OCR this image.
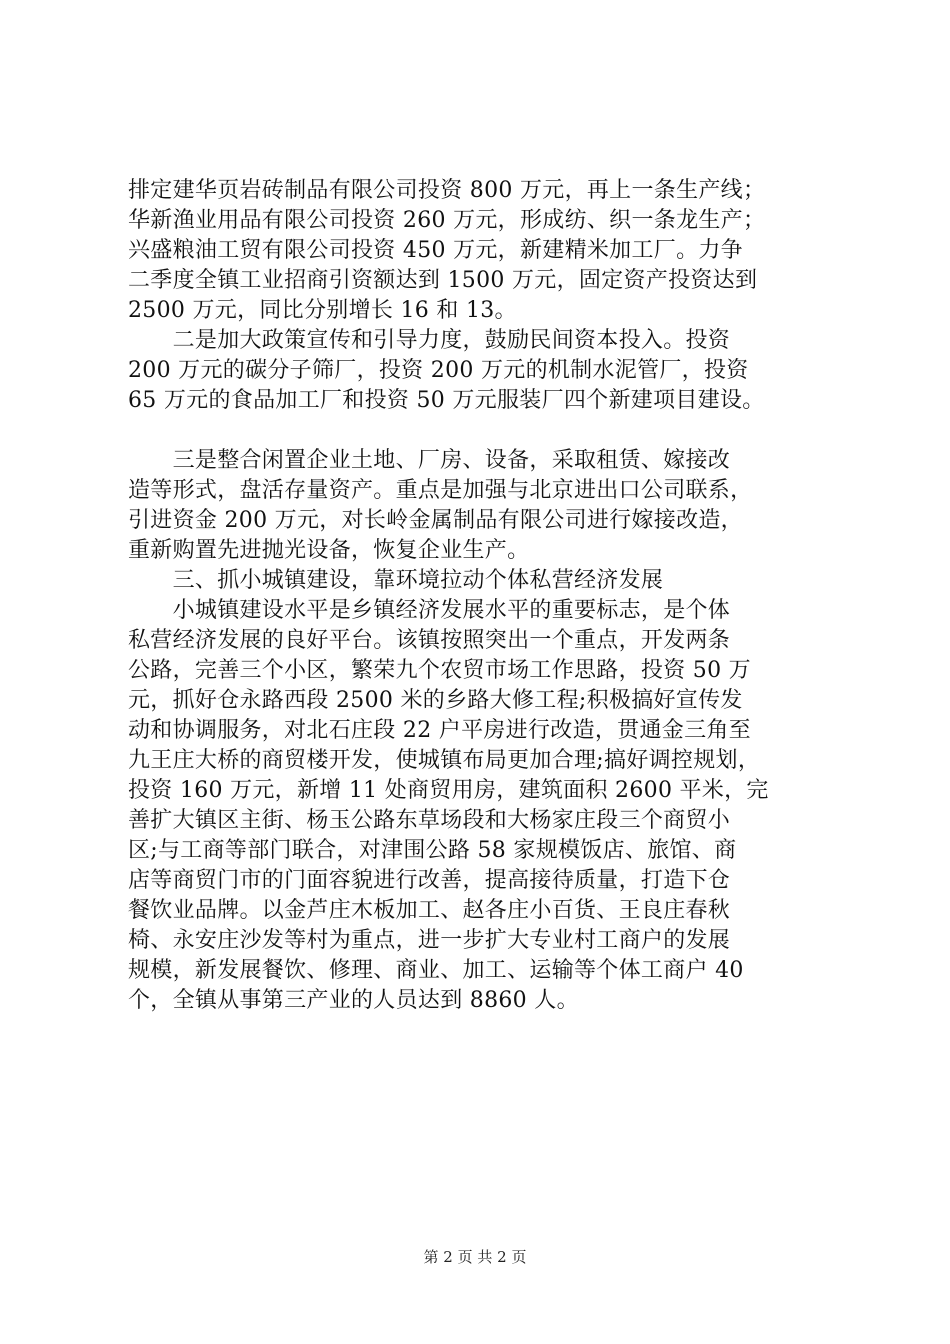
排定建华页岩砖制品有限公司投资 800 万元，再上一条生产线；
华新渔业用品有限公司投资 260 万元，形成纺、织一条龙生产；
兴盛粮油工贸有限公司投资 450 万元，新建精米加工厂。力争
二季度全镇工业招商引资额达到 1500 万元，固定资产投资达到
2500 万元，同比分别增长 16 和 13。
　　二是加大政策宣传和引导力度，鼓励民间资本投入。投资
200 万元的碳分子筛厂，投资 200 万元的机制水泥管厂，投资
65 万元的食品加工厂和投资 50 万元服装厂四个新建项目建设。
　　三是整合闲置企业土地、厂房、设备，采取租赁、嫁接改
造等形式，盘活存量资产。重点是加强与北京进出口公司联系，
引进资金 200 万元，对长岭金属制品有限公司进行嫁接改造，
重新购置先进抛光设备，恢复企业生产。
　　三、抓小城镇建设，靠环境拉动个体私营经济发展
　　小城镇建设水平是乡镇经济发展水平的重要标志，是个体
私营经济发展的良好平台。该镇按照突出一个重点，开发两条
公路，完善三个小区，繁荣九个农贸市场工作思路，投资 50 万
元，抓好仓永路西段 2500 米的乡路大修工程;积极搞好宣传发
动和协调服务，对北石庄段 22 户平房进行改造，贯通金三角至
九王庄大桥的商贸楼开发，使城镇布局更加合理;搞好调控规划，
投资 160 万元，新增 11 处商贸用房，建筑面积 2600 平米，完
善扩大镇区主街、杨玉公路东草场段和大杨家庄段三个商贸小
区;与工商等部门联合，对津围公路 58 家规模饭店、旅馆、商
店等商贸门市的门面容貌进行改善，提高接待质量，打造下仓
餐饮业品牌。以金芦庄木板加工、赵各庄小百货、王良庄春秋
椅、永安庄沙发等村为重点，进一步扩大专业村工商户的发展
规模，新发展餐饮、修理、商业、加工、运输等个体工商户 40
个，全镇从事第三产业的人员达到 8860 人。
第 2 页 共 2 页
